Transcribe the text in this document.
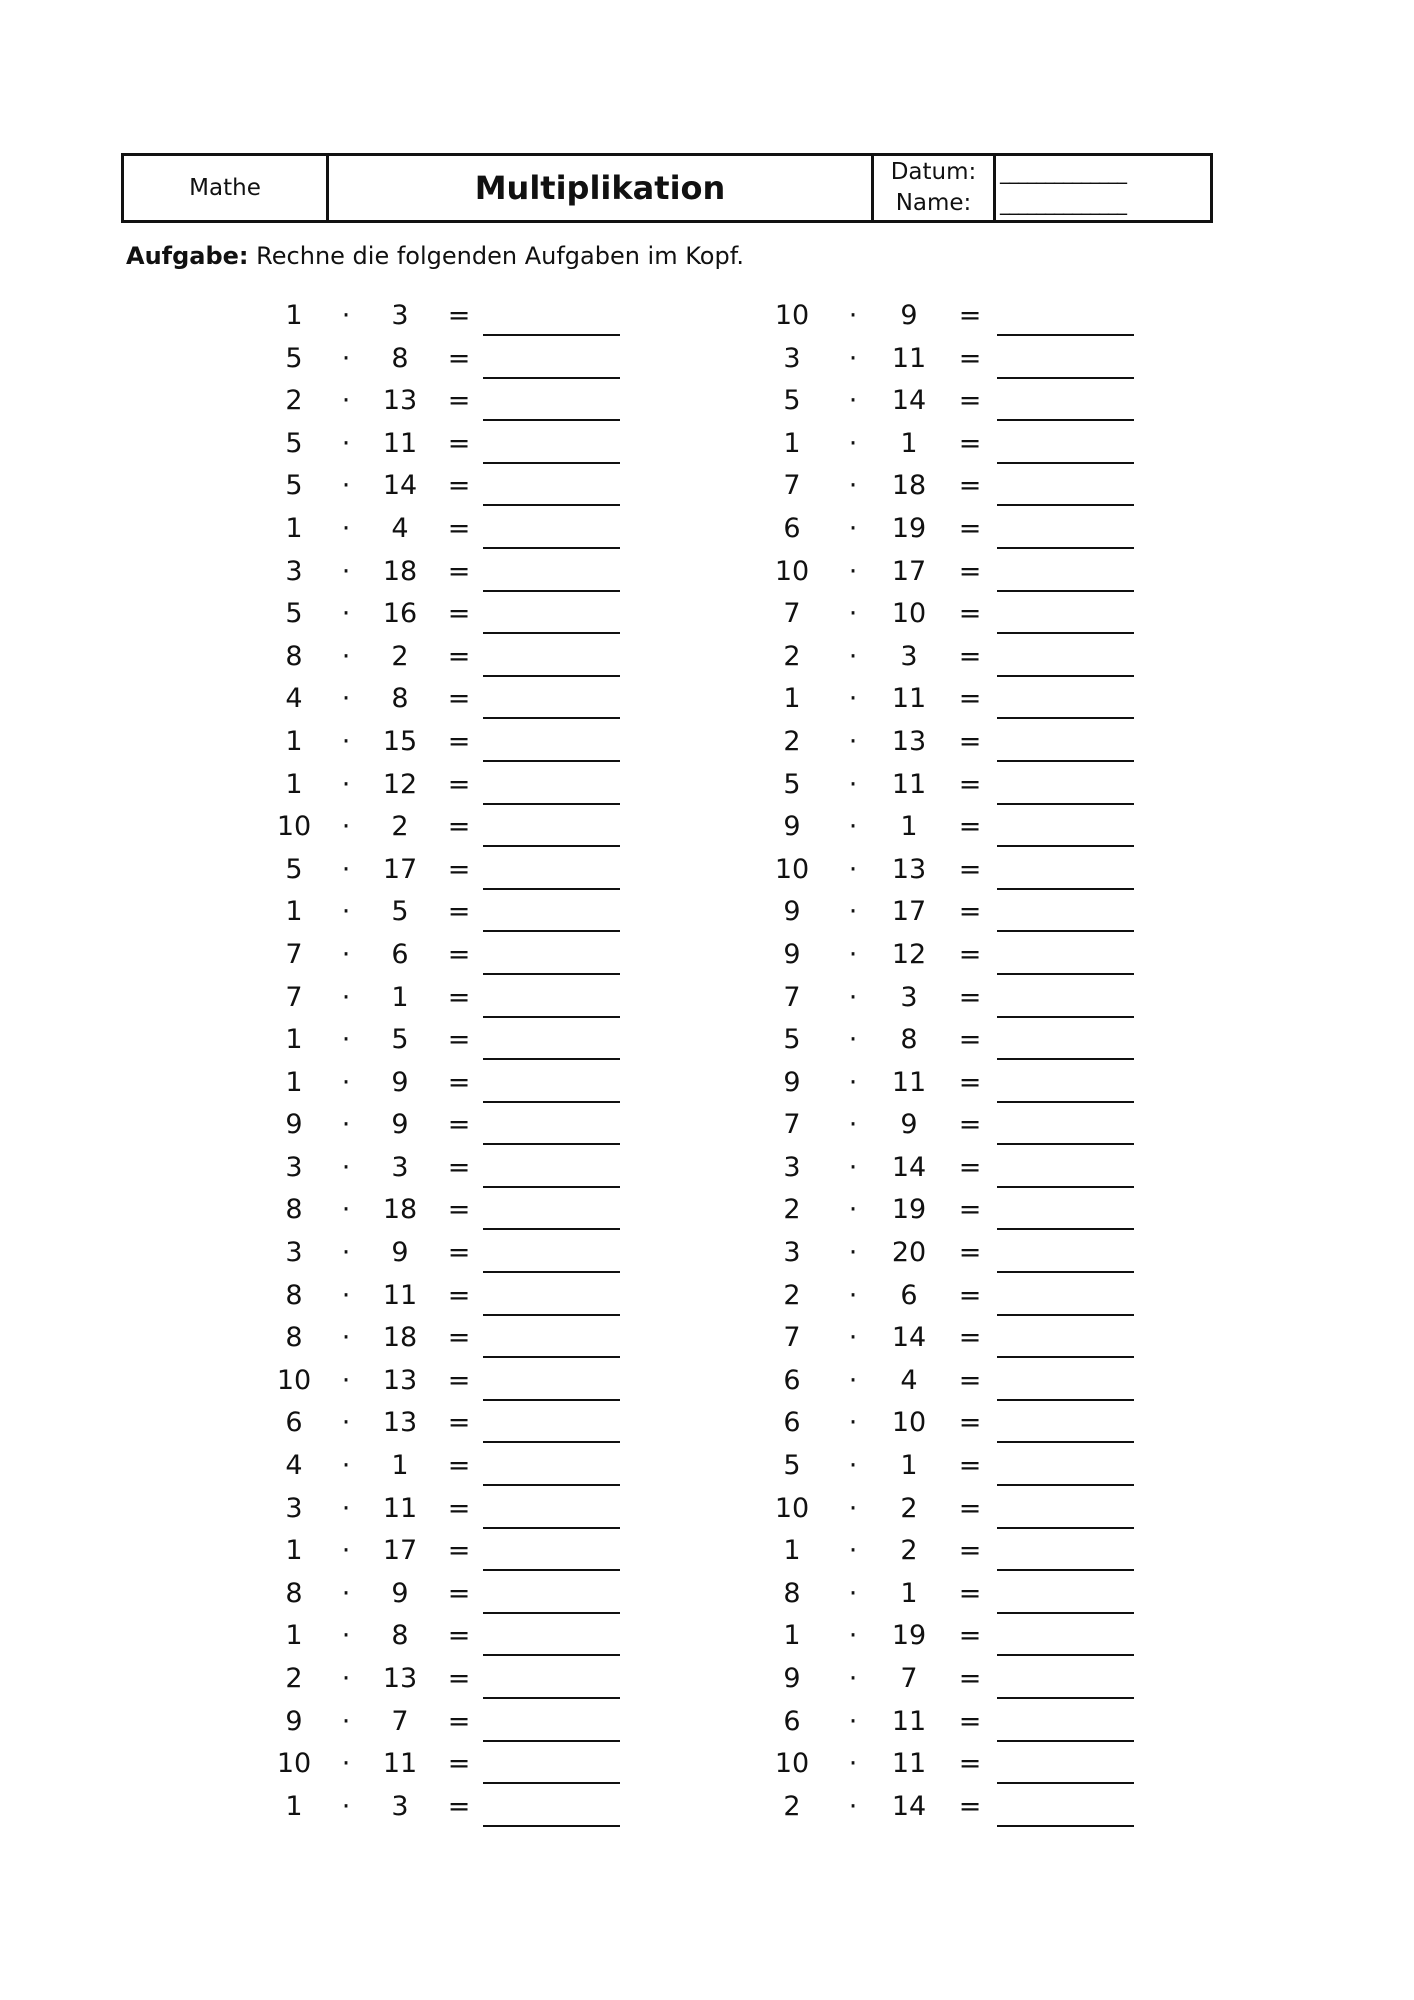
Mathe	Multiplikation	Datum:
Name:
______________
______________
Aufgabe: Rechne die folgenden Aufgaben im Kopf.
1	·	3	=
5	·	8	=
2	·	13 =
5	·	11 =
5	·	14 =
1	·	4	=
3	·	18 =
5	·	16 =
8	·	2	=
4	·	8	=
1	·	15 =
1	·	12 =
10	·	2	=
5	·	17 =
1	·	5	=
7	·	6	=
7	·	1	=
1	·	5	=
1	·	9	=
9	·	9	=
3	·	3	=
8	·	18 =
3	·	9	=
8	·	11 =
8	·	18 =
10	·	13 =
6	·	13 =
4	·	1	=
3	·	11 =
1	·	17 =
8	·	9	=
1	·	8	=
2	·	13 =
9	·	7	=
10	·	11 =
1	·	3	=
10	·	9	=
3	·	11 =
5	·	14 =
1	·	1	=
7	·	18 =
6	·	19 =
10	·	17 =
7	·	10 =
2	·	3	=
1	·	11 =
2	·	13 =
5	·	11 =
9	·	1	=
10	·	13 =
9	·	17 =
9	·	12 =
7	·	3	=
5	·	8	=
9	·	11 =
7	·	9	=
3	·	14 =
2	·	19 =
3	·	20 =
2	·	6	=
7	·	14 =
6	·	4	=
6	·	10 =
5	·	1	=
10	·	2	=
1	·	2	=
8	·	1	=
1	·	19 =
9	·	7	=
6	·	11 =
10	·	11 =
2	·	14 =
